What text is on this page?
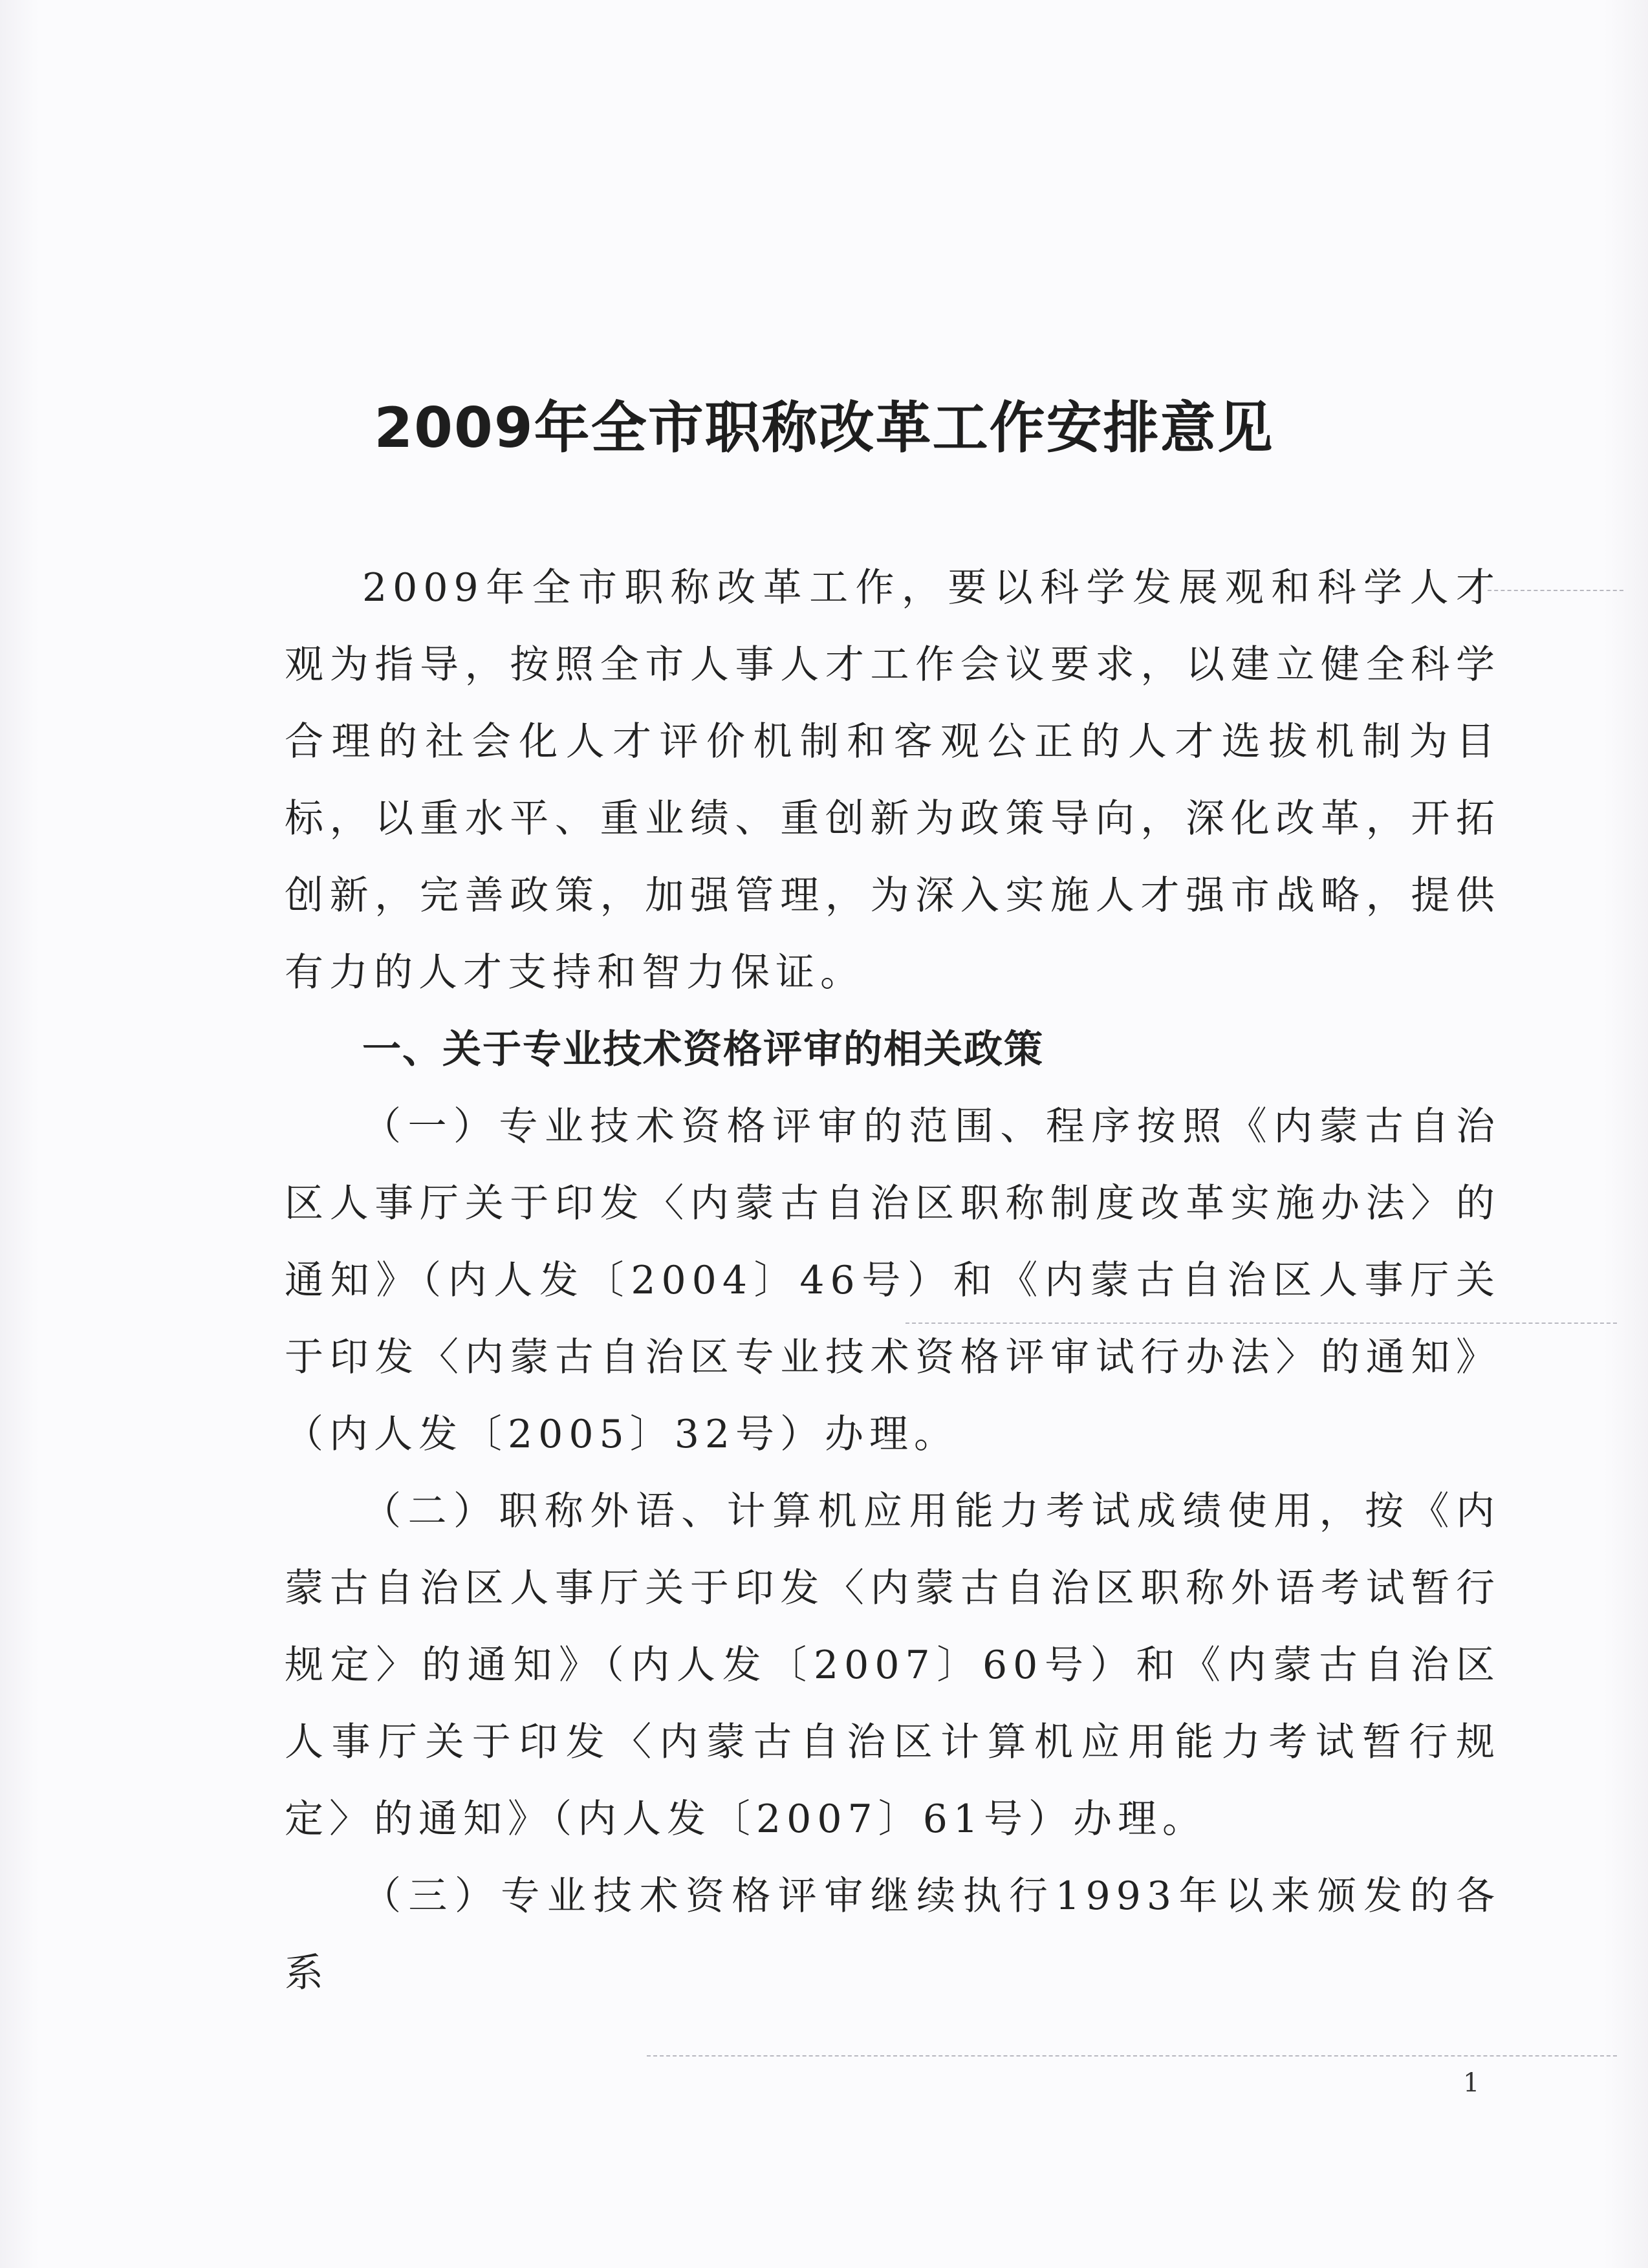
2009年全市职称改革工作安排意见

2009年全市职称改革工作，要以科学发展观和科学人才观为指导，按照全市人事人才工作会议要求，以建立健全科学合理的社会化人才评价机制和客观公正的人才选拔机制为目标，以重水平、重业绩、重创新为政策导向，深化改革，开拓创新，完善政策，加强管理，为深入实施人才强市战略，提供有力的人才支持和智力保证。

一、关于专业技术资格评审的相关政策

（一）专业技术资格评审的范围、程序按照《内蒙古自治区人事厅关于印发〈内蒙古自治区职称制度改革实施办法〉的通知》（内人发〔2004〕46号）和《内蒙古自治区人事厅关于印发〈内蒙古自治区专业技术资格评审试行办法〉的通知》（内人发〔2005〕32号）办理。

（二）职称外语、计算机应用能力考试成绩使用，按《内蒙古自治区人事厅关于印发〈内蒙古自治区职称外语考试暂行规定〉的通知》（内人发〔2007〕60号）和《内蒙古自治区人事厅关于印发〈内蒙古自治区计算机应用能力考试暂行规定〉的通知》（内人发〔2007〕61号）办理。

（三）专业技术资格评审继续执行1993年以来颁发的各系

1
